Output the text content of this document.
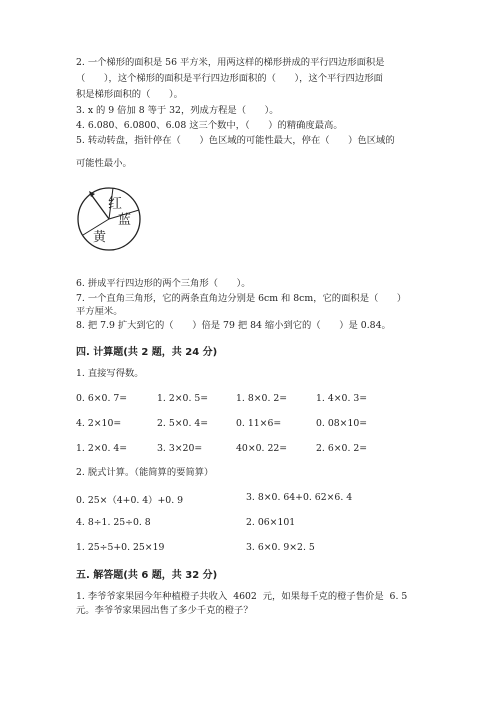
2. 一个梯形的面积是 56 平方米，用两这样的梯形拼成的平行四边形面积是
（　　），这个梯形的面积是平行四边形面积的（　　），这个平行四边形面
积是梯形面积的（　　）。
3. x 的 9 倍加 8 等于 32，列成方程是（　　）。
4. 6.080、6.0800、6.08 这三个数中，（　　）的精确度最高。
5. 转动转盘，指针停在（　　）色区域的可能性最大，停在（　　）色区域的
可能性最小。
红
蓝
黄
6. 拼成平行四边形的两个三角形（　　）。
7. 一个直角三角形，它的两条直角边分别是 6cm 和 8cm，它的面积是（　　）
平方厘米。
8. 把 7.9 扩大到它的（　　）倍是 79 把 84 缩小到它的（　　）是 0.84。
四. 计算题(共 2 题，共 24 分)
1. 直接写得数。
0. 6×0. 7=	1. 2×0. 5=	1. 8×0. 2=	1. 4×0. 3=
4. 2×10=	2. 5×0. 4=	0. 11×6=	0. 08×10=
1. 2×0. 4=	3. 3×20=	40×0. 22=	2. 6×0. 2=
2. 脱式计算。（能简算的要简算）
0. 25×（4+0. 4）+0. 9	3. 8×0. 64+0. 62×6. 4
4. 8÷1. 25÷0. 8	2. 06×101
1. 25÷5+0. 25×19	3. 6×0. 9×2. 5
五. 解答题(共 6 题，共 32 分)
1. 李爷爷家果园今年种植橙子共收入  4602  元，如果每千克的橙子售价是  6. 5
元。李爷爷家果园出售了多少千克的橙子？
